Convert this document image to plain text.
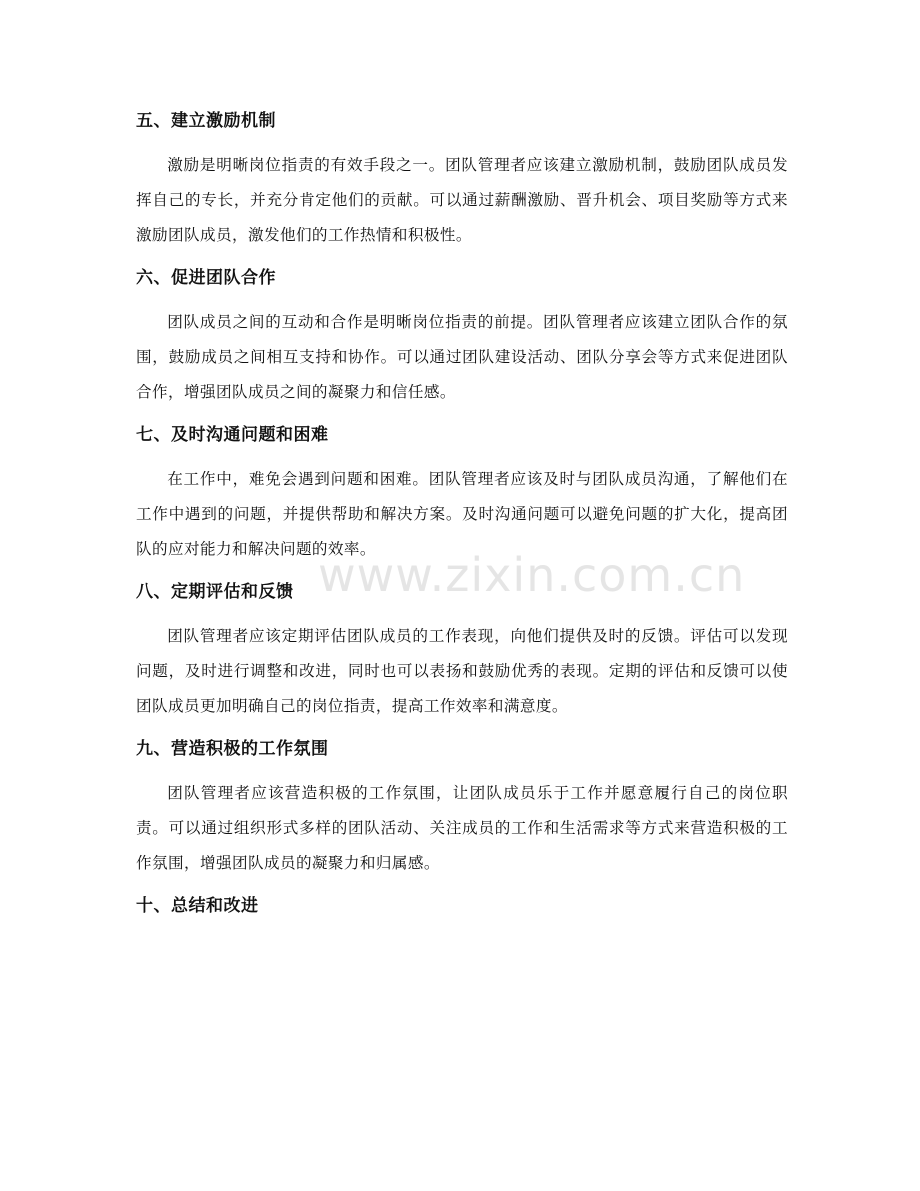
五、建立激励机制

激励是明晰岗位指责的有效手段之一。团队管理者应该建立激励机制，鼓励团队成员发挥自己的专长，并充分肯定他们的贡献。可以通过薪酬激励、晋升机会、项目奖励等方式来激励团队成员，激发他们的工作热情和积极性。

六、促进团队合作

团队成员之间的互动和合作是明晰岗位指责的前提。团队管理者应该建立团队合作的氛围，鼓励成员之间相互支持和协作。可以通过团队建设活动、团队分享会等方式来促进团队合作，增强团队成员之间的凝聚力和信任感。

七、及时沟通问题和困难

在工作中，难免会遇到问题和困难。团队管理者应该及时与团队成员沟通，了解他们在工作中遇到的问题，并提供帮助和解决方案。及时沟通问题可以避免问题的扩大化，提高团队的应对能力和解决问题的效率。

八、定期评估和反馈

团队管理者应该定期评估团队成员的工作表现，向他们提供及时的反馈。评估可以发现问题，及时进行调整和改进，同时也可以表扬和鼓励优秀的表现。定期的评估和反馈可以使团队成员更加明确自己的岗位指责，提高工作效率和满意度。

九、营造积极的工作氛围

团队管理者应该营造积极的工作氛围，让团队成员乐于工作并愿意履行自己的岗位职责。可以通过组织形式多样的团队活动、关注成员的工作和生活需求等方式来营造积极的工作氛围，增强团队成员的凝聚力和归属感。

十、总结和改进
www.zixin.com.cn
